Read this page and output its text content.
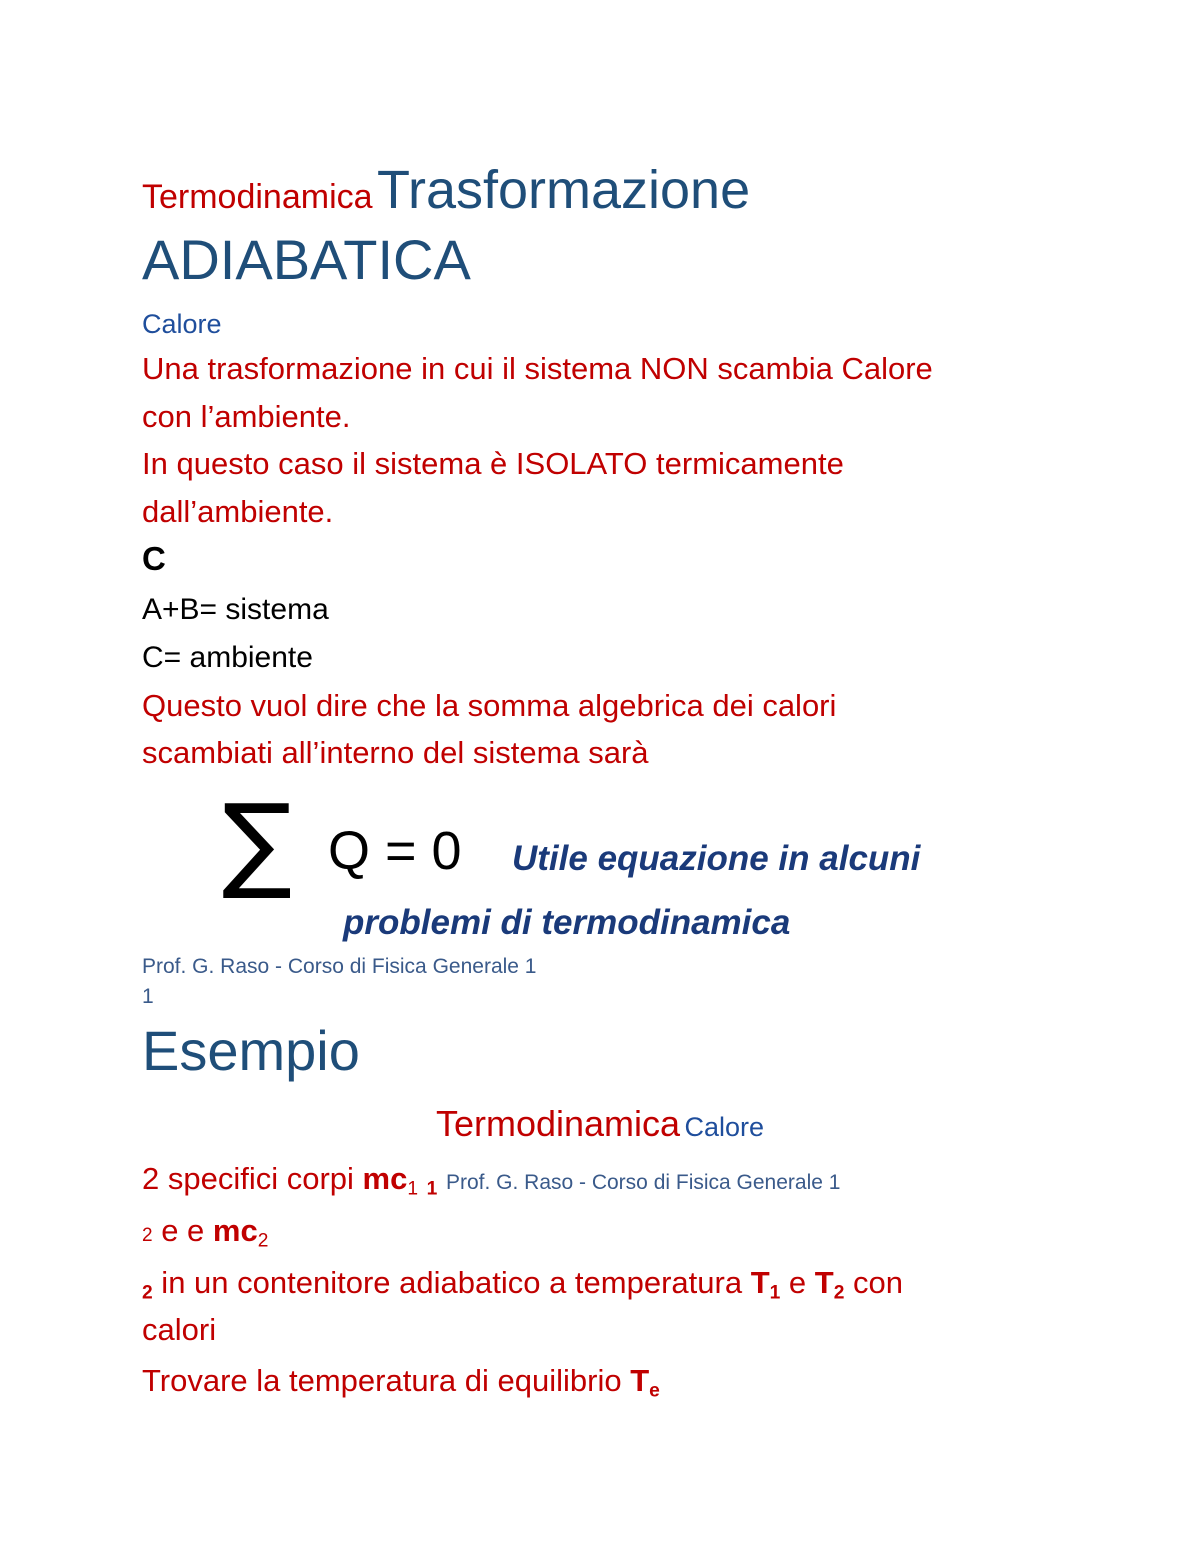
Termodinamica Trasformazione
ADIABATICA
Calore
Una trasformazione in cui il sistema NON scambia Calore
con l’ambiente.
In questo caso il sistema è ISOLATO termicamente
dall’ambiente.
C
A+B= sistema
C= ambiente
Questo vuol dire che la somma algebrica dei calori
scambiati all’interno del sistema sarà
∑ Q = 0 Utile equazione in alcuni
problemi di termodinamica
Prof. G. Raso - Corso di Fisica Generale 1
1
Esempio
Termodinamica Calore
2 specifici corpi $mc_1$ $_1$ Prof. G. Raso - Corso di Fisica Generale 1
2 e e $mc_2$
$_2$ in un contenitore adiabatico a temperatura $T_1$ e $T_2$ con
calori
Trovare la temperatura di equilibrio $T_e$
